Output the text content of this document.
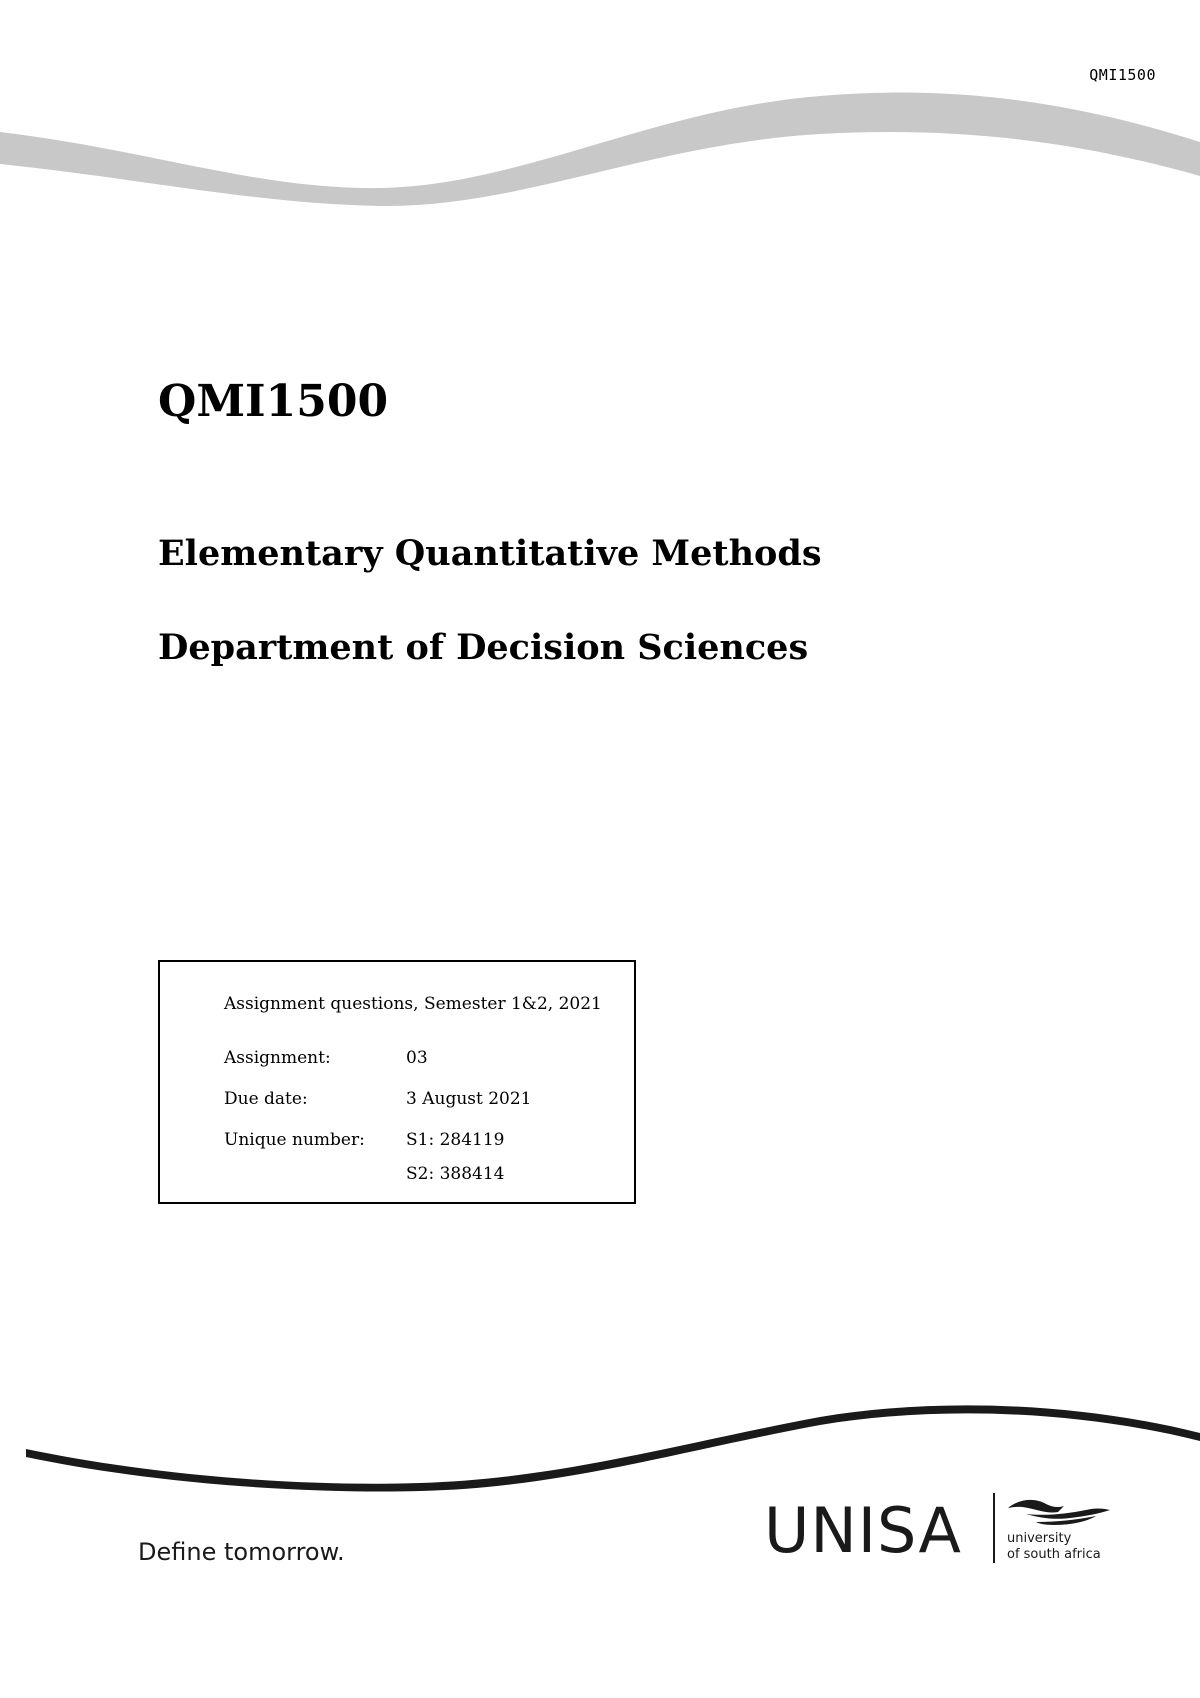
QMI1500
QMI1500
Elementary Quantitative Methods
Department of Decision Sciences
Assignment questions, Semester 1&2, 2021
Assignment:	03
Due date:	3 August 2021
Unique number: S1: 284119
S2: 388414
Define tomorrow.	UNISA	university
of south africa
